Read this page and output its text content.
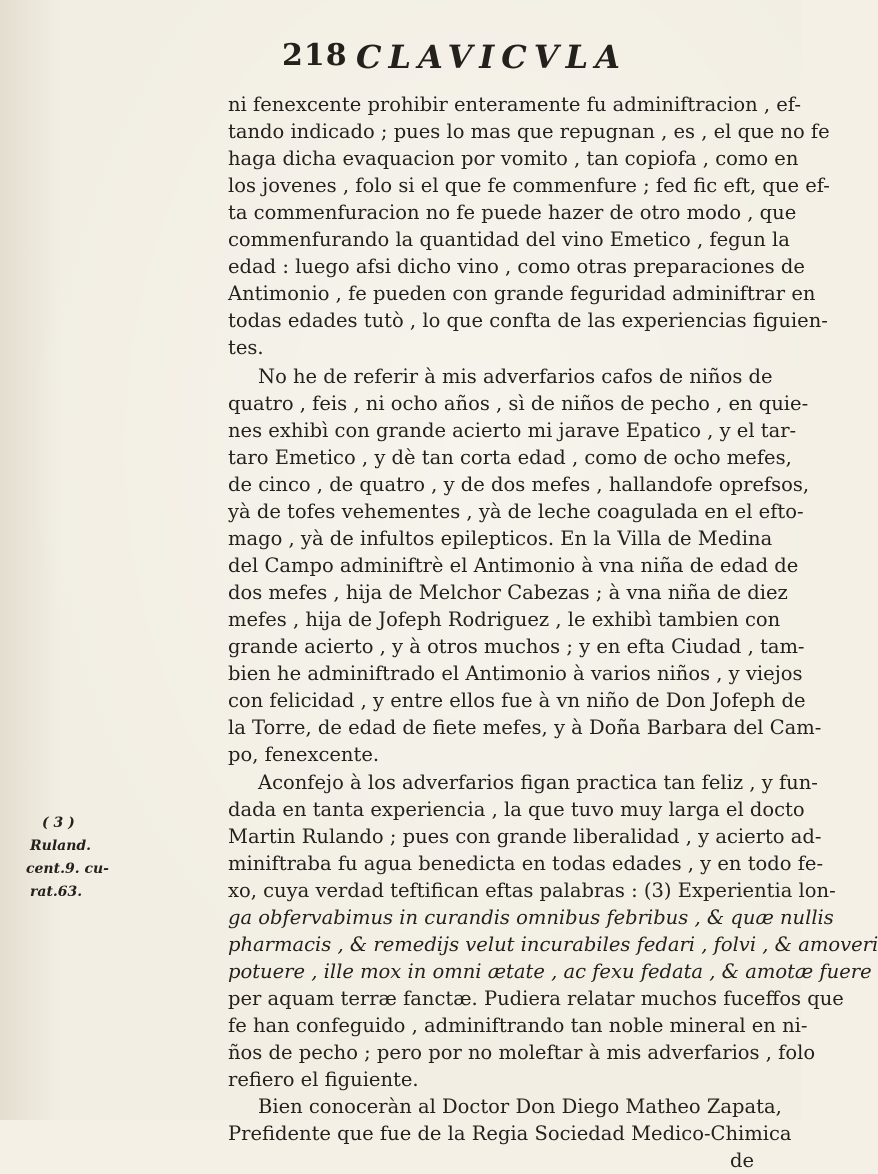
218 CLAVICVLA
ni fenexcente prohibir enteramente fu adminiftracion , ef-
tando indicado ; pues lo mas que repugnan , es , el que no fe
haga dicha evaquacion por vomito , tan copiofa , como en
los jovenes , folo si el que fe commenfure ; fed fic eft, que ef-
ta commenfuracion no fe puede hazer de otro modo , que
commenfurando la quantidad del vino Emetico , fegun la
edad : luego afsi dicho vino , como otras preparaciones de
Antimonio , fe pueden con grande feguridad adminiftrar en
todas edades tutò , lo que confta de las experiencias figuien-
tes.
No he de referir à mis adverfarios cafos de niños de
quatro , feis , ni ocho años , sì de niños de pecho , en quie-
nes exhibì con grande acierto mi jarave Epatico , y el tar-
taro Emetico , y dè tan corta edad , como de ocho mefes,
de cinco , de quatro , y de dos mefes , hallandofe oprefsos,
yà de tofes vehementes , yà de leche coagulada en el efto-
mago , yà de infultos epilepticos. En la Villa de Medina
del Campo adminiftrè el Antimonio à vna niña de edad de
dos mefes , hija de Melchor Cabezas ; à vna niña de diez
mefes , hija de Jofeph Rodriguez , le exhibì tambien con
grande acierto , y à otros muchos ; y en efta Ciudad , tam-
bien he adminiftrado el Antimonio à varios niños , y viejos
con felicidad , y entre ellos fue à vn niño de Don Jofeph de
la Torre, de edad de fiete mefes, y à Doña Barbara del Cam-
po, fenexcente.
Aconfejo à los adverfarios figan practica tan feliz , y fun-
dada en tanta experiencia , la que tuvo muy larga el docto
Martin Rulando ; pues con grande liberalidad , y acierto ad-
miniftraba fu agua benedicta en todas edades , y en todo fe-
xo, cuya verdad teftifican eftas palabras : (3) Experientia lon-
ga obfervabimus in curandis omnibus febribus , & quæ nullis
pharmacis , & remedijs velut incurabiles fedari , folvi , & amoveri
potuere , ille mox in omni ætate , ac fexu fedata , & amotæ fuere
per aquam terræ fanctæ. Pudiera relatar muchos fuceffos que
fe han confeguido , adminiftrando tan noble mineral en ni-
ños de pecho ; pero por no moleftar à mis adverfarios , folo
refiero el figuiente.
Bien conoceràn al Doctor Don Diego Matheo Zapata,
Prefidente que fue de la Regia Sociedad Medico-Chimica
de
( 3 )
Ruland.
cent.9. cu-
rat.63.
